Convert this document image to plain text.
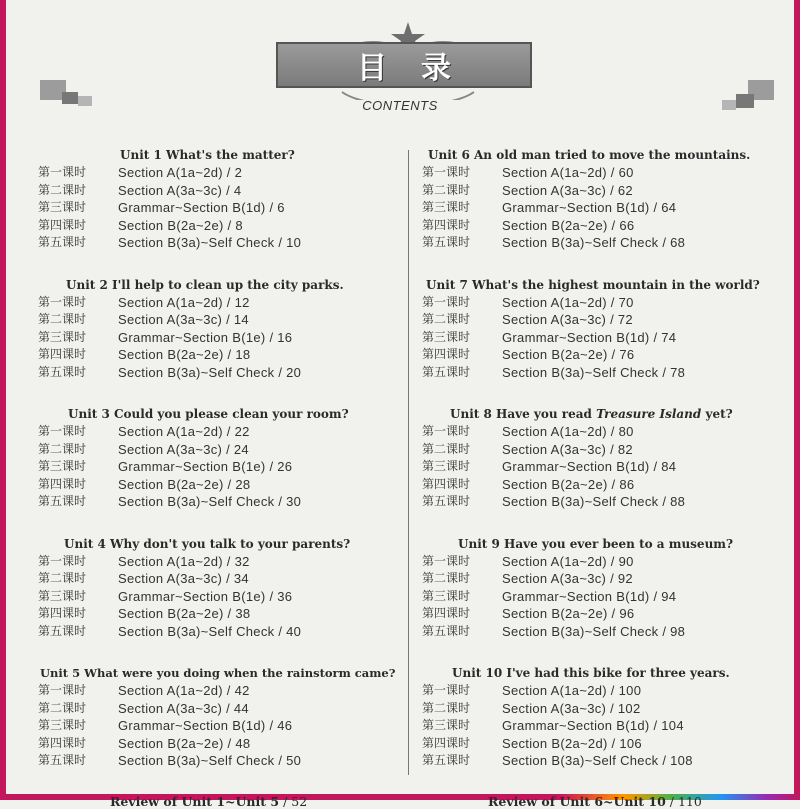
目 录
CONTENTS
Unit 1 What's the matter?
第一课时	Section A(1a~2d) / 2
第二课时	Section A(3a~3c) / 4
第三课时	Grammar~Section B(1d) / 6
第四课时	Section B(2a~2e) / 8
第五课时	Section B(3a)~Self Check / 10
Unit 2 I'll help to clean up the city parks.
第一课时	Section A(1a~2d) / 12
第二课时	Section A(3a~3c) / 14
第三课时	Grammar~Section B(1e) / 16
第四课时	Section B(2a~2e) / 18
第五课时	Section B(3a)~Self Check / 20
Unit 3 Could you please clean your room?
第一课时	Section A(1a~2d) / 22
第二课时	Section A(3a~3c) / 24
第三课时	Grammar~Section B(1e) / 26
第四课时	Section B(2a~2e) / 28
第五课时	Section B(3a)~Self Check / 30
Unit 4 Why don't you talk to your parents?
第一课时	Section A(1a~2d) / 32
第二课时	Section A(3a~3c) / 34
第三课时	Grammar~Section B(1e) / 36
第四课时	Section B(2a~2e) / 38
第五课时	Section B(3a)~Self Check / 40
Unit 5 What were you doing when the rainstorm came?
第一课时	Section A(1a~2d) / 42
第二课时	Section A(3a~3c) / 44
第三课时	Grammar~Section B(1d) / 46
第四课时	Section B(2a~2e) / 48
第五课时	Section B(3a)~Self Check / 50
Review of Unit 1~Unit 5 / 52
Unit 6 An old man tried to move the mountains.
第一课时	Section A(1a~2d) / 60
第二课时	Section A(3a~3c) / 62
第三课时	Grammar~Section B(1d) / 64
第四课时	Section B(2a~2e) / 66
第五课时	Section B(3a)~Self Check / 68
Unit 7 What's the highest mountain in the world?
第一课时	Section A(1a~2d) / 70
第二课时	Section A(3a~3c) / 72
第三课时	Grammar~Section B(1d) / 74
第四课时	Section B(2a~2e) / 76
第五课时	Section B(3a)~Self Check / 78
Unit 8 Have you read Treasure Island yet?
第一课时	Section A(1a~2d) / 80
第二课时	Section A(3a~3c) / 82
第三课时	Grammar~Section B(1d) / 84
第四课时	Section B(2a~2e) / 86
第五课时	Section B(3a)~Self Check / 88
Unit 9 Have you ever been to a museum?
第一课时	Section A(1a~2d) / 90
第二课时	Section A(3a~3c) / 92
第三课时	Grammar~Section B(1d) / 94
第四课时	Section B(2a~2e) / 96
第五课时	Section B(3a)~Self Check / 98
Unit 10 I've had this bike for three years.
第一课时	Section A(1a~2d) / 100
第二课时	Section A(3a~3c) / 102
第三课时	Grammar~Section B(1d) / 104
第四课时	Section B(2a~2d) / 106
第五课时	Section B(3a)~Self Check / 108
Review of Unit 6~Unit 10 / 110
